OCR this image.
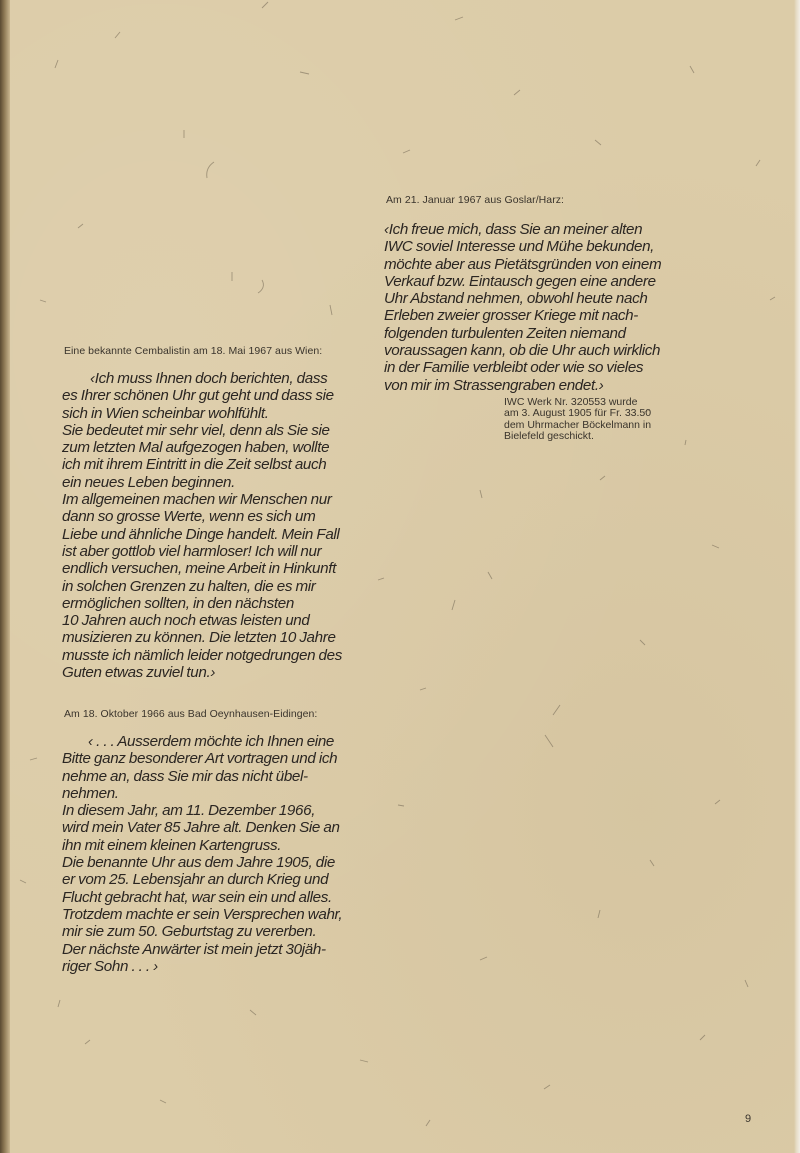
Am 21. Januar 1967 aus Goslar/Harz:
‹Ich freue mich, dass Sie an meiner alten
IWC soviel Interesse und Mühe bekunden,
möchte aber aus Pietätsgründen von einem
Verkauf bzw. Eintausch gegen eine andere
Uhr Abstand nehmen, obwohl heute nach
Erleben zweier grosser Kriege mit nach-
folgenden turbulenten Zeiten niemand
voraussagen kann, ob die Uhr auch wirklich
in der Familie verbleibt oder wie so vieles
von mir im Strassengraben endet.›
IWC Werk Nr. 320553 wurde
am 3. August 1905 für Fr. 33.50
dem Uhrmacher Böckelmann in
Bielefeld geschickt.
Eine bekannte Cembalistin am 18. Mai 1967 aus Wien:
‹Ich muss Ihnen doch berichten, dass
es Ihrer schönen Uhr gut geht und dass sie
sich in Wien scheinbar wohlfühlt.
Sie bedeutet mir sehr viel, denn als Sie sie
zum letzten Mal aufgezogen haben, wollte
ich mit ihrem Eintritt in die Zeit selbst auch
ein neues Leben beginnen.
Im allgemeinen machen wir Menschen nur
dann so grosse Werte, wenn es sich um
Liebe und ähnliche Dinge handelt. Mein Fall
ist aber gottlob viel harmloser! Ich will nur
endlich versuchen, meine Arbeit in Hinkunft
in solchen Grenzen zu halten, die es mir
ermöglichen sollten, in den nächsten
10 Jahren auch noch etwas leisten und
musizieren zu können. Die letzten 10 Jahre
musste ich nämlich leider notgedrungen des
Guten etwas zuviel tun.›
Am 18. Oktober 1966 aus Bad Oeynhausen-Eidingen:
‹ . . . Ausserdem möchte ich Ihnen eine
Bitte ganz besonderer Art vortragen und ich
nehme an, dass Sie mir das nicht übel-
nehmen.
In diesem Jahr, am 11. Dezember 1966,
wird mein Vater 85 Jahre alt. Denken Sie an
ihn mit einem kleinen Kartengruss.
Die benannte Uhr aus dem Jahre 1905, die
er vom 25. Lebensjahr an durch Krieg und
Flucht gebracht hat, war sein ein und alles.
Trotzdem machte er sein Versprechen wahr,
mir sie zum 50. Geburtstag zu vererben.
Der nächste Anwärter ist mein jetzt 30jäh-
riger Sohn . . . ›
9
